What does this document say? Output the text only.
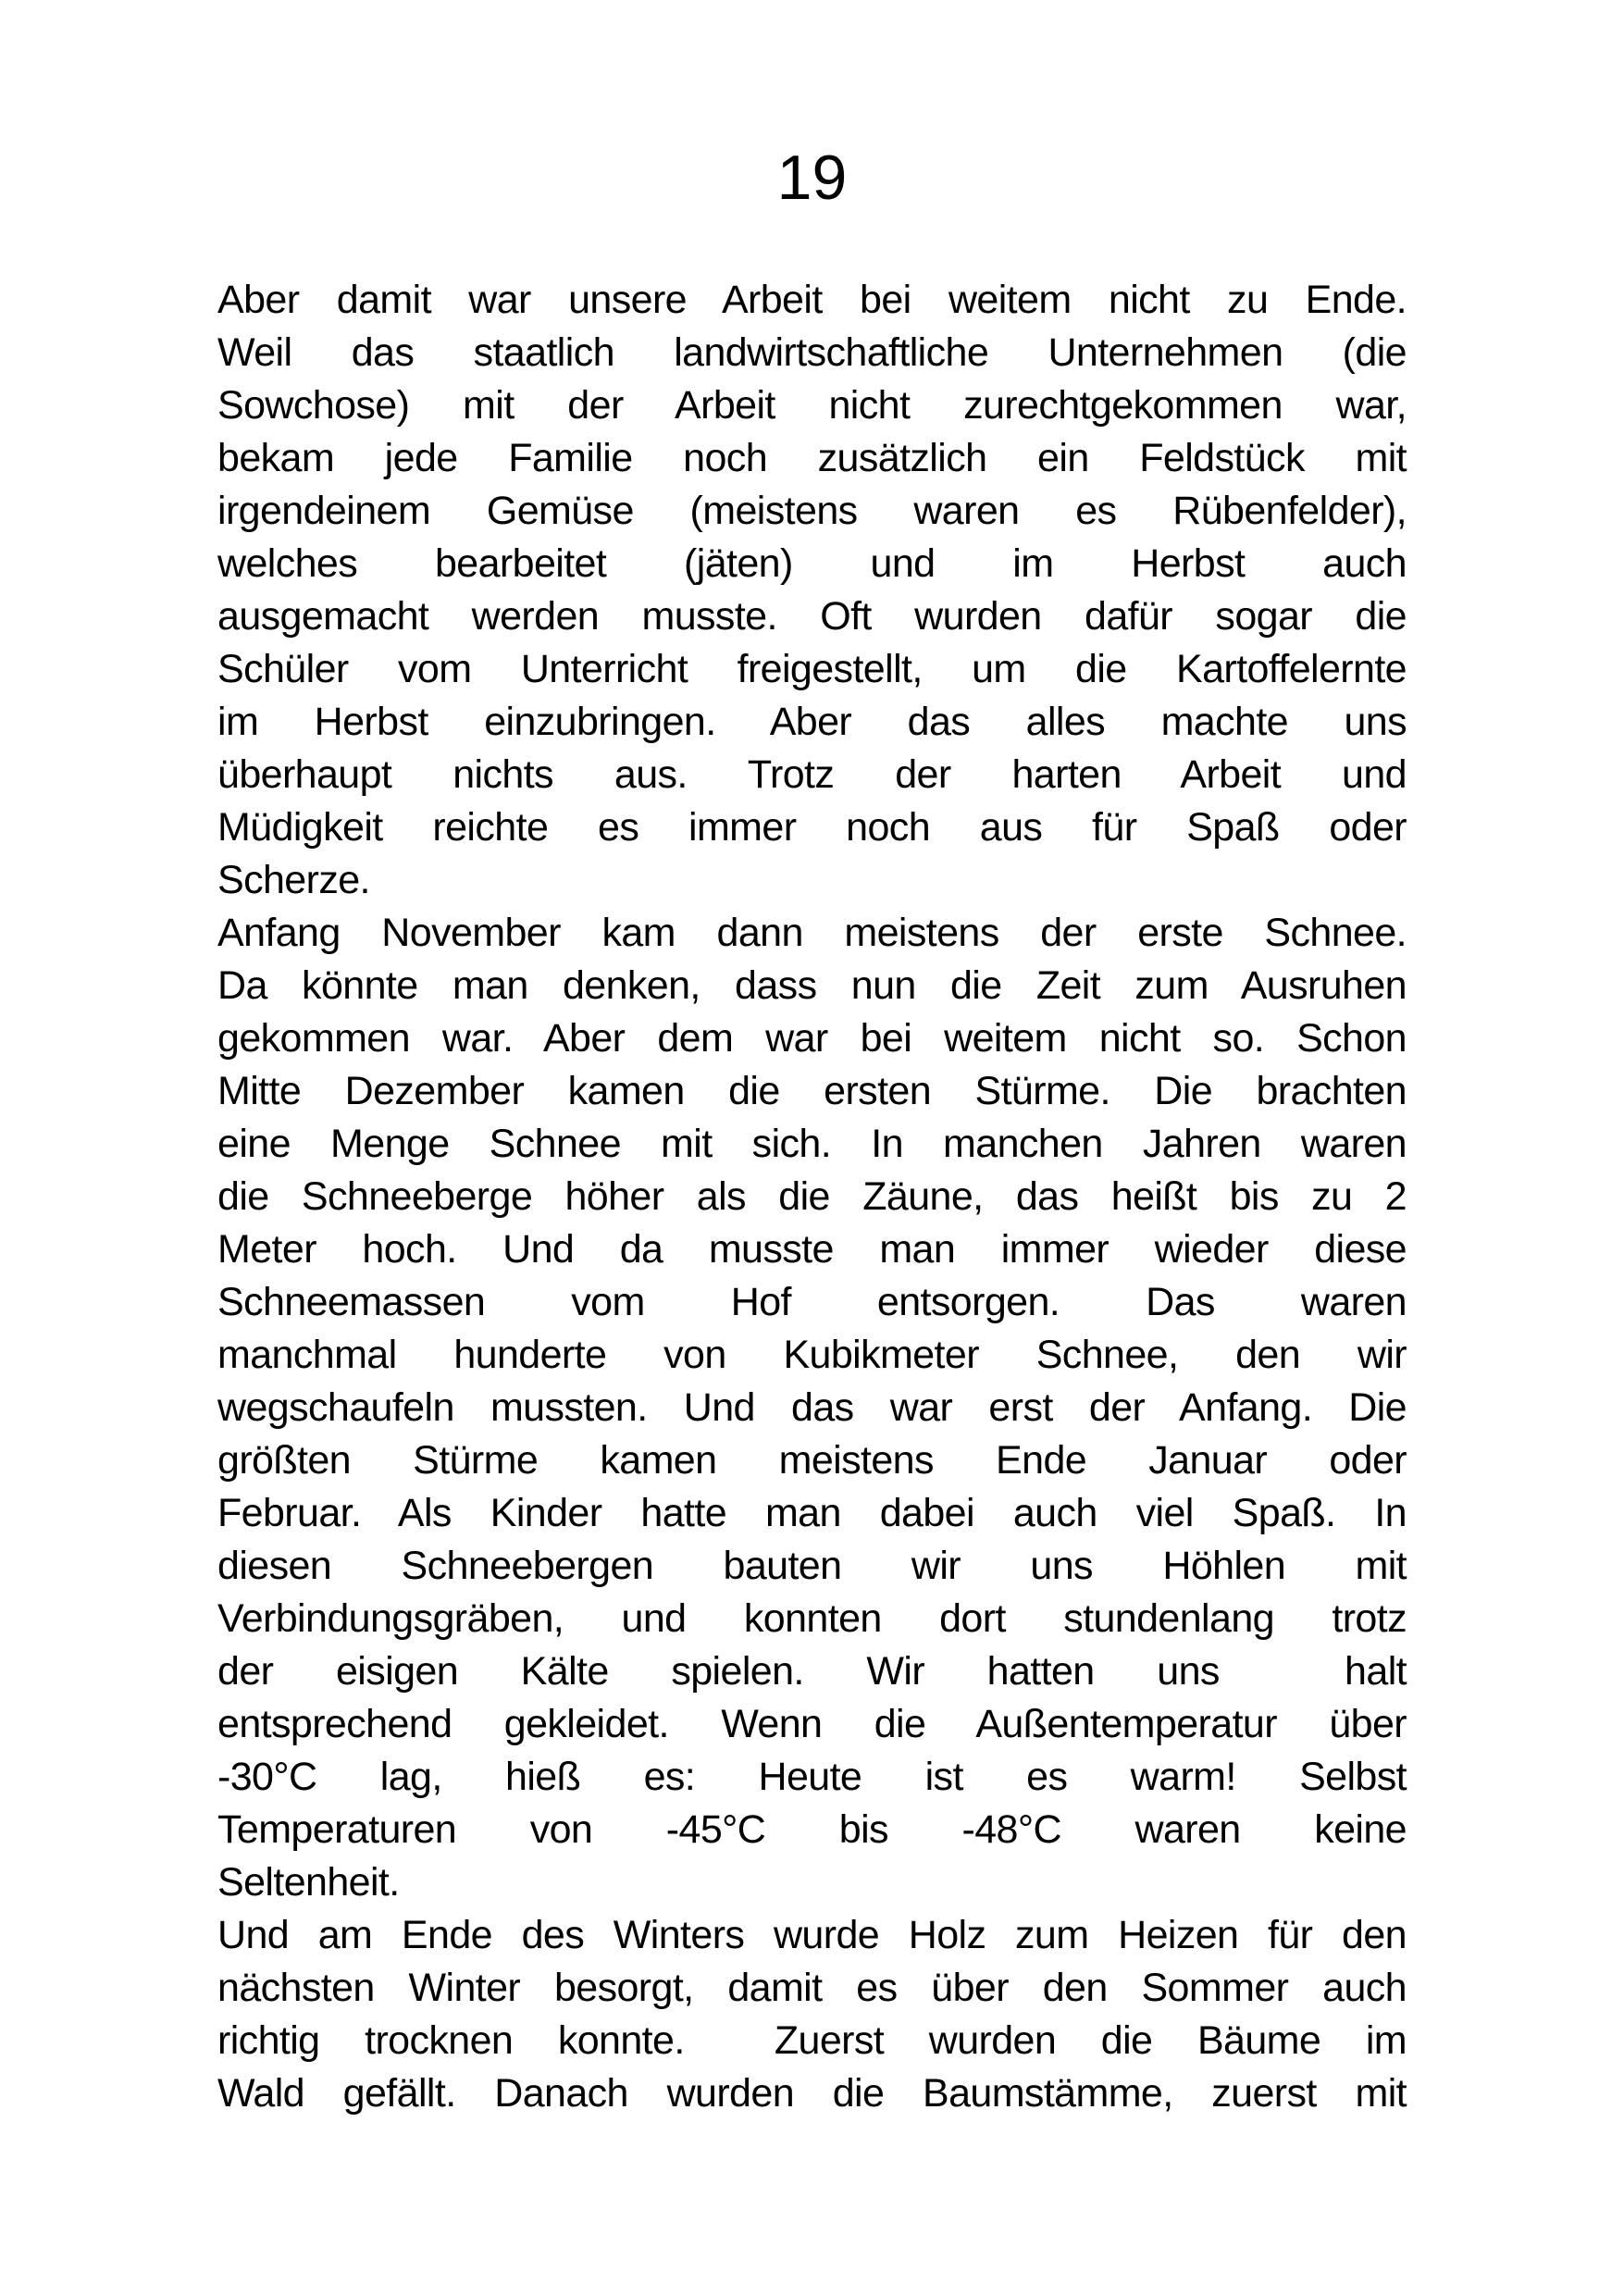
19
Aber damit war unsere Arbeit bei weitem nicht zu Ende.
Weil das staatlich landwirtschaftliche Unternehmen (die
Sowchose) mit der Arbeit nicht zurechtgekommen war,
bekam jede Familie noch zusätzlich ein Feldstück mit
irgendeinem Gemüse (meistens waren es Rübenfelder),
welches bearbeitet (jäten) und im Herbst auch
ausgemacht werden musste. Oft wurden dafür sogar die
Schüler vom Unterricht freigestellt, um die Kartoffelernte
im Herbst einzubringen. Aber das alles machte uns
überhaupt nichts aus. Trotz der harten Arbeit und
Müdigkeit reichte es immer noch aus für Spaß oder
Scherze.
Anfang November kam dann meistens der erste Schnee.
Da könnte man denken, dass nun die Zeit zum Ausruhen
gekommen war. Aber dem war bei weitem nicht so. Schon
Mitte Dezember kamen die ersten Stürme. Die brachten
eine Menge Schnee mit sich. In manchen Jahren waren
die Schneeberge höher als die Zäune, das heißt bis zu 2
Meter hoch. Und da musste man immer wieder diese
Schneemassen vom Hof entsorgen. Das waren
manchmal hunderte von Kubikmeter Schnee, den wir
wegschaufeln mussten. Und das war erst der Anfang. Die
größten Stürme kamen meistens Ende Januar oder
Februar. Als Kinder hatte man dabei auch viel Spaß. In
diesen Schneebergen bauten wir uns Höhlen mit
Verbindungsgräben, und konnten dort stundenlang trotz
der eisigen Kälte spielen. Wir hatten uns  halt
entsprechend gekleidet. Wenn die Außentemperatur über
-30°C lag, hieß es: Heute ist es warm! Selbst
Temperaturen von -45°C bis -48°C waren keine
Seltenheit.
Und am Ende des Winters wurde Holz zum Heizen für den
nächsten Winter besorgt, damit es über den Sommer auch
richtig trocknen konnte.  Zuerst wurden die Bäume im
Wald gefällt. Danach wurden die Baumstämme, zuerst mit
